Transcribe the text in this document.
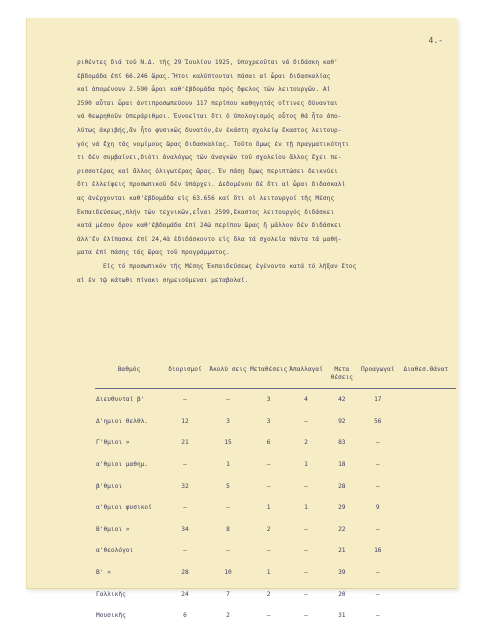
4.-
ριθέντες διά τοῦ Ν.Δ. τῆς 29 Ἰουλίου 1925, ὑποχρεοῦται νά διδάσκη καθ'
ἑβδομάδα ἐπί 66.246 ὥρας. Ἤτοι καλύπτονται πᾶσαι αἱ ὧραι διδασκαλίας
καί ἀπομένουν 2.590 ὧραι καθ'ἑβδομάδα πρός ὄφελος τῶν λειτουργῶν. Αἱ
2590 αὗται ὧραι ἀντιπροσωπεύουν 117 περίπου καθηγητάς οἵτινες δύνανται
νά θεωρηθοῦν ὑπεράριθμοι. Ἐννοεῖται ὅτι ὁ ὑπολογισμός οὗτος θά ἦτο ἀπο-
λύτως ἀκριβής,ἄν ἦτο φυσικῶς δυνατόν,ἐν ἑκάστη σχολείῳ ἕκαστος λειτουρ-
γός νά ἔχη τάς νομίμους ὥρας διδασκαλίας. Τοῦτο ὅμως ἐν τῇ πραγματικότητι
τι δέν συμβαίνει,διότι ἀναλόγως τῶν ἀναγκῶν τοῦ σχολείου ἄλλος ἔχει πε-
ρισσοτέρας καί ἄλλος ὀλιγωτέρας ὥρας. Ἐν πάσῃ ὅμως περιπτώσει δεικνύει
ὅτι ἐλλείψεις προσωπικοῦ δέν ὑπάρχει. Δεδομένου δέ ὅτι αἱ ὧραι διδασκαλί
ας ἀνέρχονται καθ'ἑβδομάδα εἰς 63.656 καί ὅτι οἱ λειτουργοί τῆς Μέσης
Ἐκπαιδεύσεως,πλήν τῶν τεχνικῶν,εἶναι 2599,ἕκαστος λειτουργός διδάσκει
κατά μέσον ὅρον καθ'ἑβδομάδα ἐπί 24ῶ περίπου ὥρας ἤ μᾶλλον δέν διδάσκει
ἀλλ'ἔν ἐλίπασκε ἐπί 24,4ὰ ἐδιδάσκοντο εἰς ὅλα τά σχολεῖα πάντα τά μαθή-
ματα ἐπί πάσης τάς ὥρας τοῦ προγράμματος.
Εἰς τό προσωπικόν τῆς Μέσης Ἐκπαιδεύσεως ἐγένοντο κατά τό λῆξαν ἔτος
αἱ ἐν τῷ κάτωθι πίνακι σημειούμεναι μεταβολαί.
Βαθμός	διορισμοί	Ἀκολύ σεις	Μεταθέσεις	Ἀπαλλαγαί	Μετα θέσεις	Προαγωγαί	Διαθεσ.Θάνατ
Διευθυνταί β'	–	–	3	4	42	17	
Δ'ημιοι θελθλ.	12	3	3	–	92	56	
Γ'θμιοι »	21	15	6	2	83	–	
α'θμιοι μαθημ.	–	1	–	1	18	–	
β'θμιοι	32	5	–	–	28	–	
α'θμιοι φυσικοί	–	–	1	1	29	9	
Β'θμιοι »	34	8	2	–	22	–	
α'θεολόγοι	–	–	–	–	21	16	
Β' »	28	10	1	–	39	–	
Γαλλικῆς	24	7	2	–	20	–	
Μουσικῆς	6	2	–	–	31	–	
